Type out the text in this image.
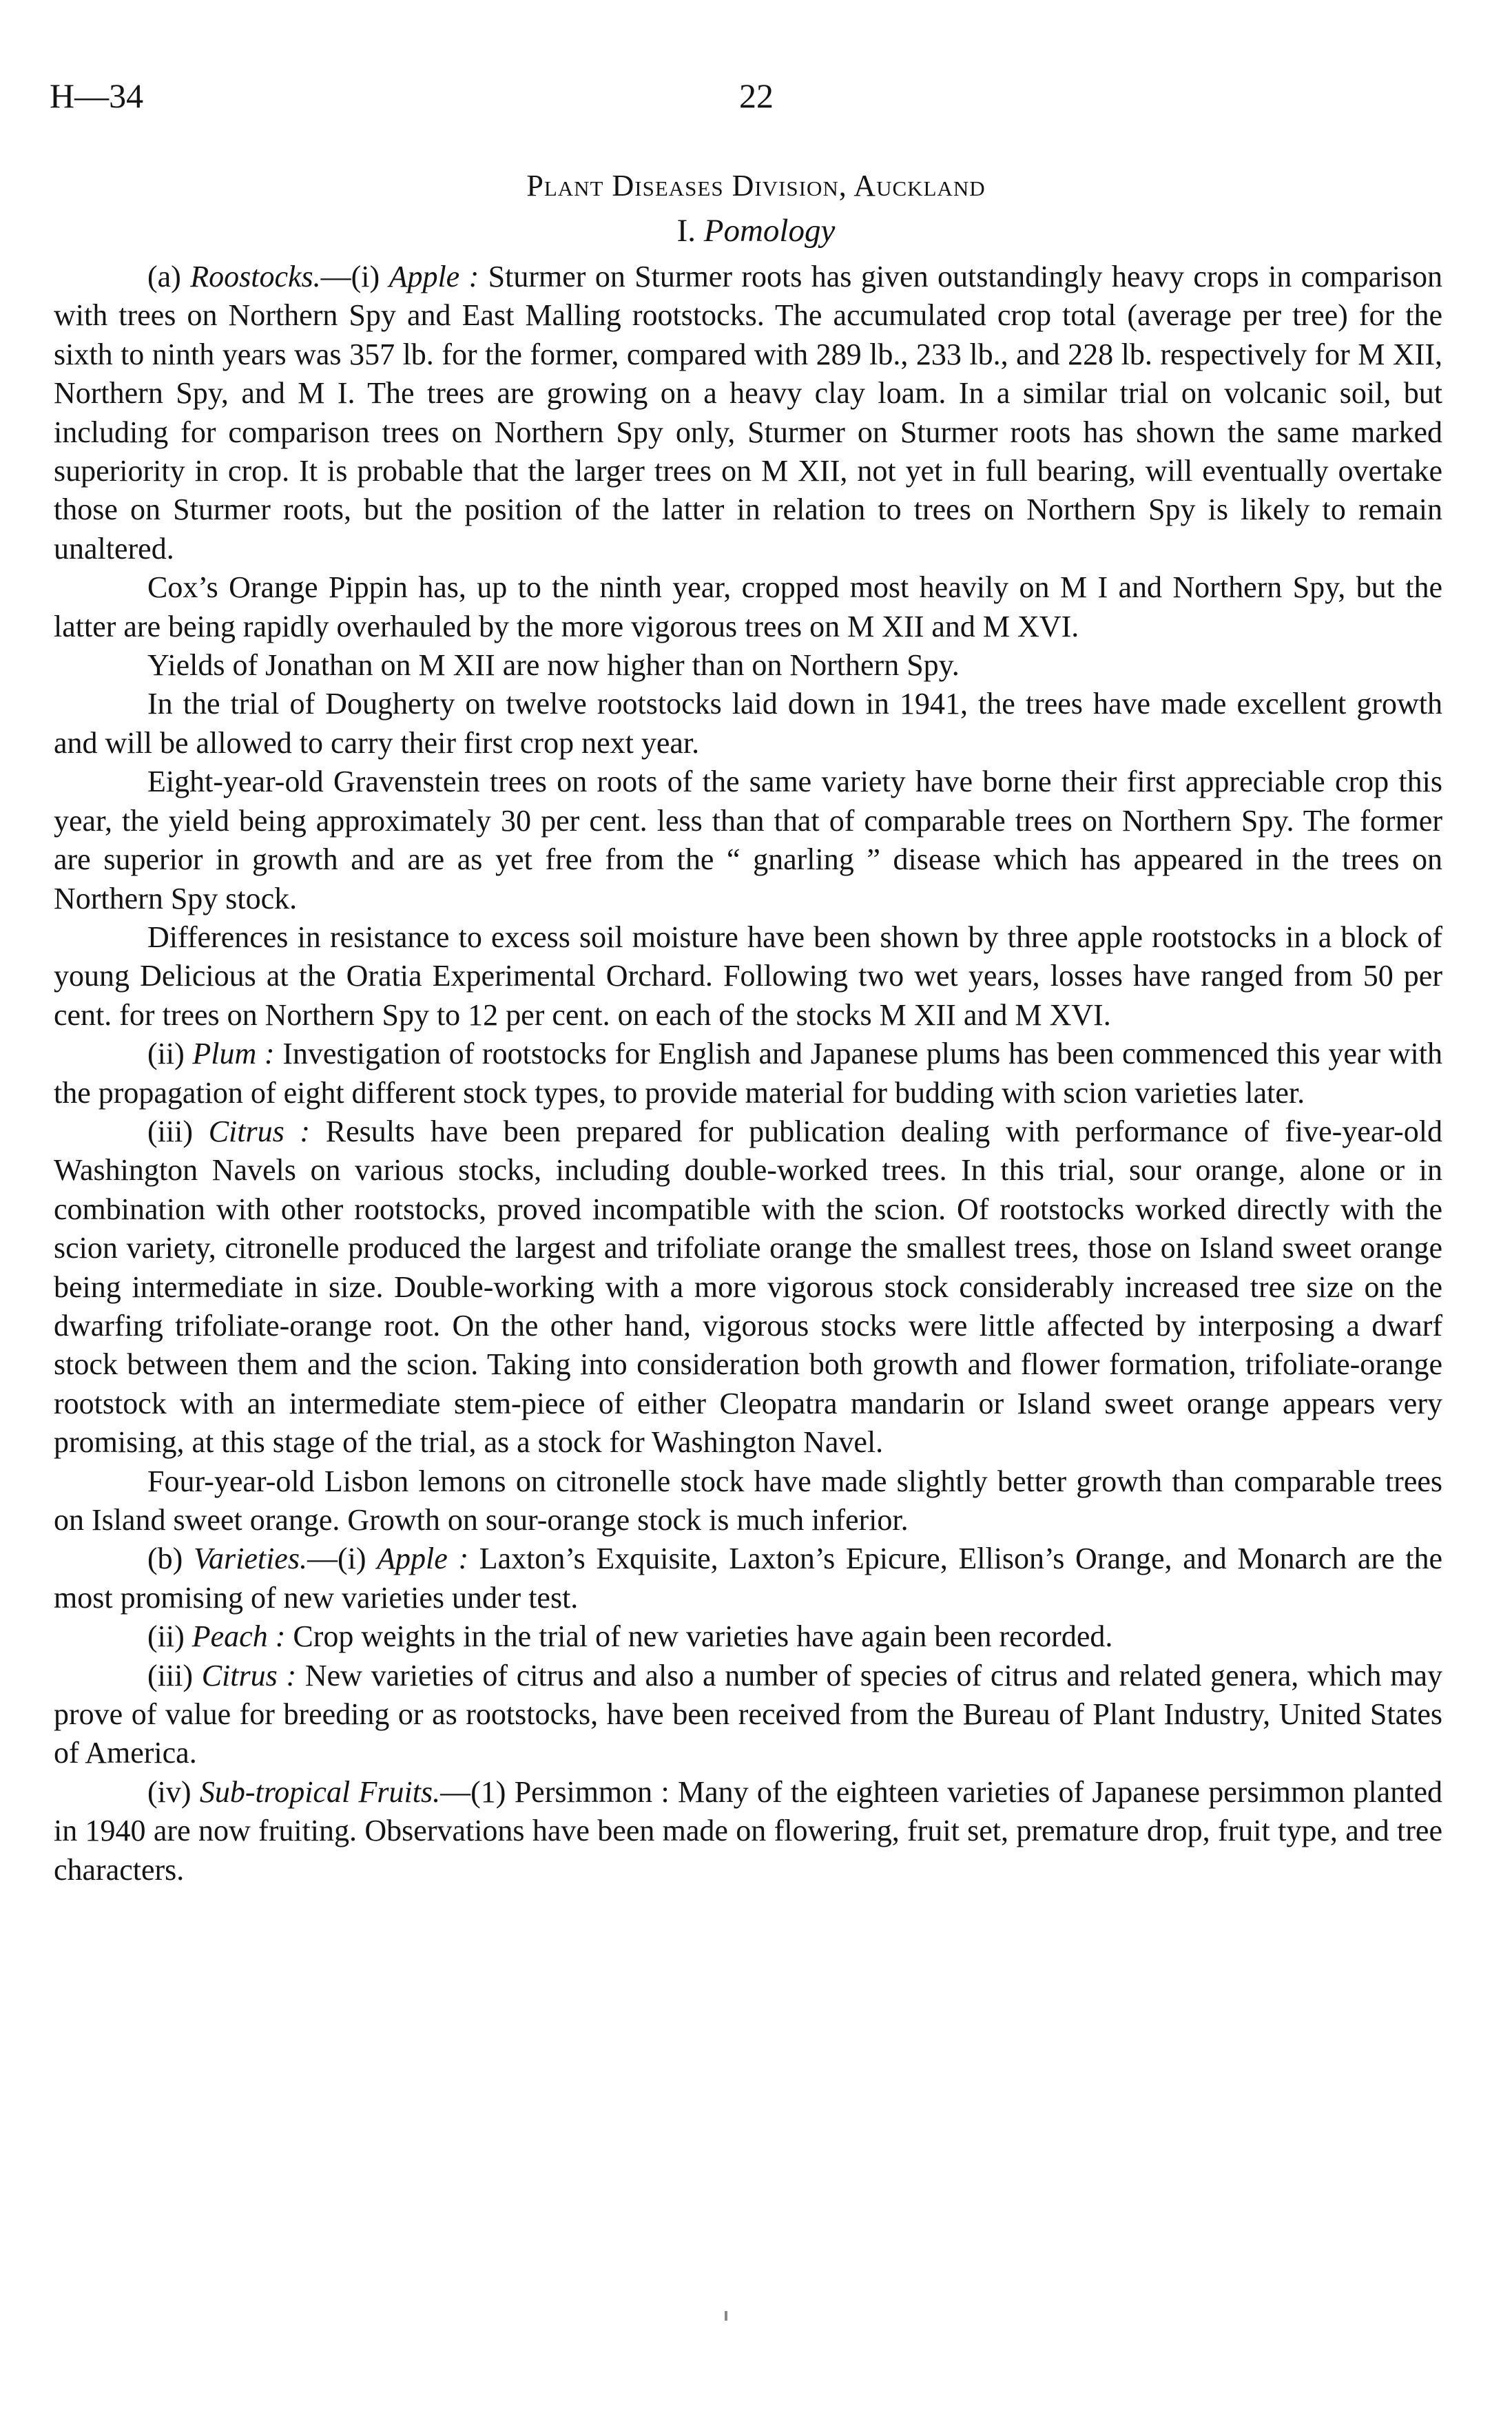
H—34	22
Plant Diseases Division, Auckland
I. Pomology

(a) Roostocks.—(i) Apple : Sturmer on Sturmer roots has given outstandingly heavy crops in comparison with trees on Northern Spy and East Malling rootstocks. The accumulated crop total (average per tree) for the sixth to ninth years was 357 lb. for the former, compared with 289 lb., 233 lb., and 228 lb. respectively for M XII, Northern Spy, and M I. The trees are growing on a heavy clay loam. In a similar trial on volcanic soil, but including for comparison trees on Northern Spy only, Sturmer on Sturmer roots has shown the same marked superiority in crop. It is probable that the larger trees on M XII, not yet in full bearing, will eventually overtake those on Sturmer roots, but the position of the latter in relation to trees on Northern Spy is likely to remain unaltered.

Cox’s Orange Pippin has, up to the ninth year, cropped most heavily on M I and Northern Spy, but the latter are being rapidly overhauled by the more vigorous trees on M XII and M XVI.

Yields of Jonathan on M XII are now higher than on Northern Spy.

In the trial of Dougherty on twelve rootstocks laid down in 1941, the trees have made excellent growth and will be allowed to carry their first crop next year.

Eight-year-old Gravenstein trees on roots of the same variety have borne their first appreciable crop this year, the yield being approximately 30 per cent. less than that of comparable trees on Northern Spy. The former are superior in growth and are as yet free from the “ gnarling ” disease which has appeared in the trees on Northern Spy stock.

Differences in resistance to excess soil moisture have been shown by three apple rootstocks in a block of young Delicious at the Oratia Experimental Orchard. Following two wet years, losses have ranged from 50 per cent. for trees on Northern Spy to 12 per cent. on each of the stocks M XII and M XVI.

(ii) Plum : Investigation of rootstocks for English and Japanese plums has been commenced this year with the propagation of eight different stock types, to provide material for budding with scion varieties later.

(iii) Citrus : Results have been prepared for publication dealing with performance of five-year-old Washington Navels on various stocks, including double-worked trees. In this trial, sour orange, alone or in combination with other rootstocks, proved incompatible with the scion. Of rootstocks worked directly with the scion variety, citronelle produced the largest and trifoliate orange the smallest trees, those on Island sweet orange being intermediate in size. Double-working with a more vigorous stock considerably increased tree size on the dwarfing trifoliate-orange root. On the other hand, vigorous stocks were little affected by interposing a dwarf stock between them and the scion. Taking into consideration both growth and flower formation, trifoliate-orange rootstock with an intermediate stem-piece of either Cleopatra mandarin or Island sweet orange appears very promising, at this stage of the trial, as a stock for Washington Navel.

Four-year-old Lisbon lemons on citronelle stock have made slightly better growth than comparable trees on Island sweet orange. Growth on sour-orange stock is much inferior.

(b) Varieties.—(i) Apple : Laxton’s Exquisite, Laxton’s Epicure, Ellison’s Orange, and Monarch are the most promising of new varieties under test.

(ii) Peach : Crop weights in the trial of new varieties have again been recorded.

(iii) Citrus : New varieties of citrus and also a number of species of citrus and related genera, which may prove of value for breeding or as rootstocks, have been received from the Bureau of Plant Industry, United States of America.

(iv) Sub-tropical Fruits.—(1) Persimmon : Many of the eighteen varieties of Japanese persimmon planted in 1940 are now fruiting. Observations have been made on flowering, fruit set, premature drop, fruit type, and tree characters.
